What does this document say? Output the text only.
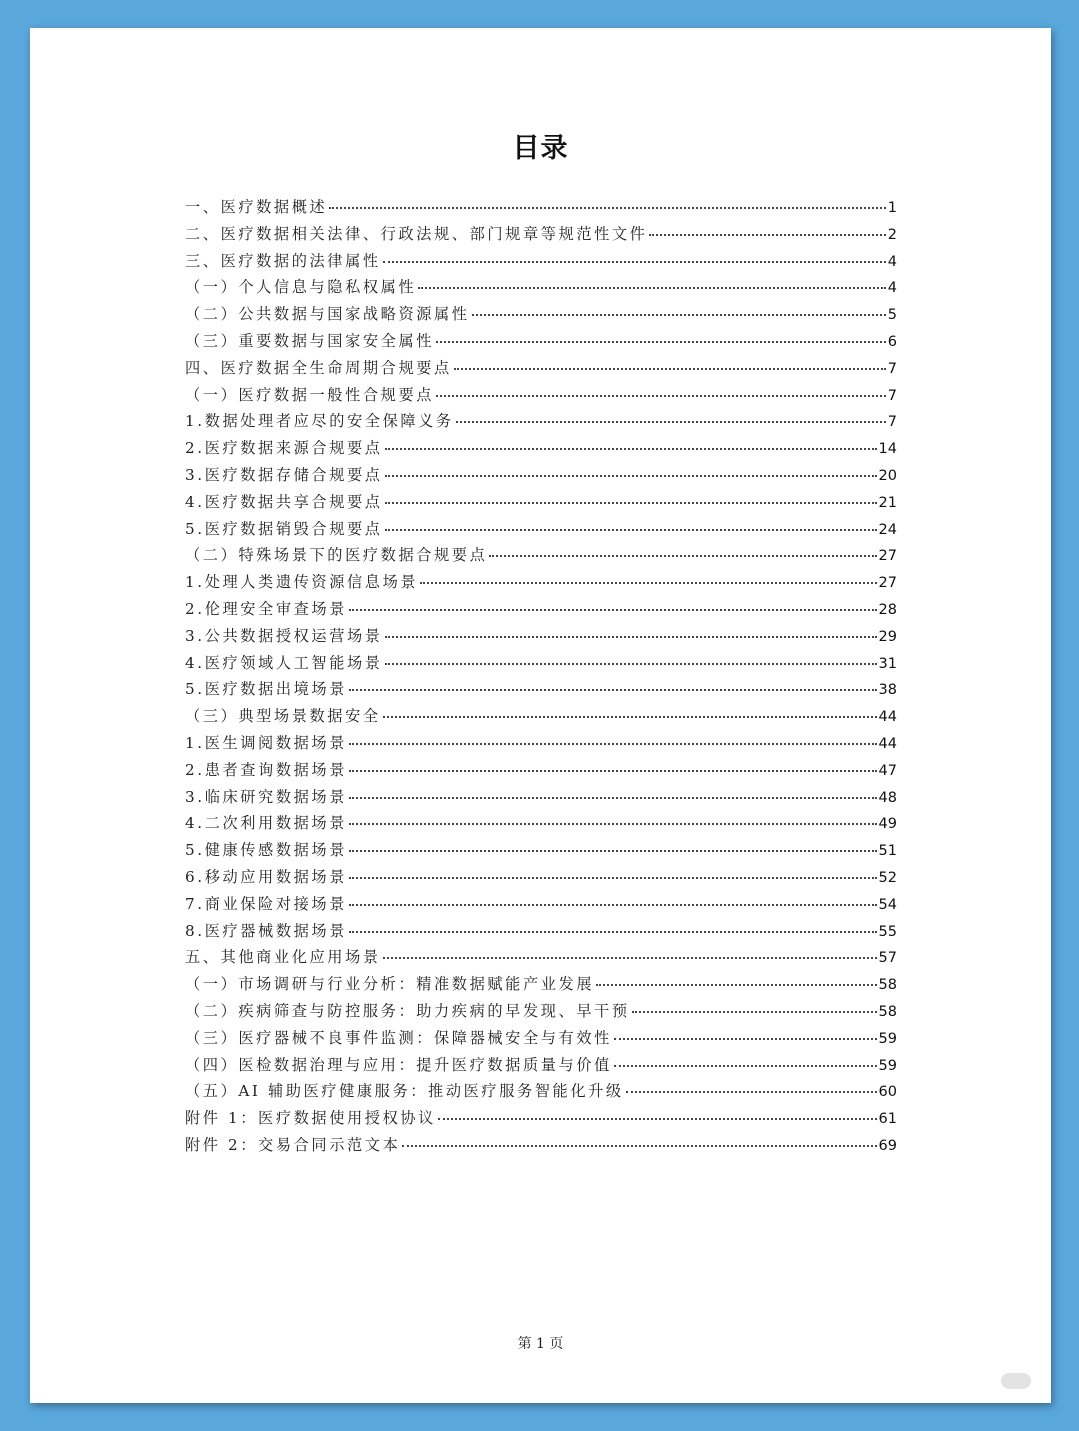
目录
一、医疗数据概述	1
二、医疗数据相关法律、行政法规、部门规章等规范性文件	2
三、医疗数据的法律属性	4
（一）个人信息与隐私权属性	4
（二）公共数据与国家战略资源属性	5
（三）重要数据与国家安全属性	6
四、医疗数据全生命周期合规要点	7
（一）医疗数据一般性合规要点	7
1.数据处理者应尽的安全保障义务	7
2.医疗数据来源合规要点	14
3.医疗数据存储合规要点	20
4.医疗数据共享合规要点	21
5.医疗数据销毁合规要点	24
（二）特殊场景下的医疗数据合规要点	27
1.处理人类遗传资源信息场景	27
2.伦理安全审查场景	28
3.公共数据授权运营场景	29
4.医疗领域人工智能场景	31
5.医疗数据出境场景	38
（三）典型场景数据安全	44
1.医生调阅数据场景	44
2.患者查询数据场景	47
3.临床研究数据场景	48
4.二次利用数据场景	49
5.健康传感数据场景	51
6.移动应用数据场景	52
7.商业保险对接场景	54
8.医疗器械数据场景	55
五、其他商业化应用场景	57
（一）市场调研与行业分析：精准数据赋能产业发展	58
（二）疾病筛查与防控服务：助力疾病的早发现、早干预	58
（三）医疗器械不良事件监测：保障器械安全与有效性	59
（四）医检数据治理与应用：提升医疗数据质量与价值	59
（五）AI 辅助医疗健康服务：推动医疗服务智能化升级	60
附件 1：医疗数据使用授权协议	61
附件 2：交易合同示范文本	69
第 1 页
